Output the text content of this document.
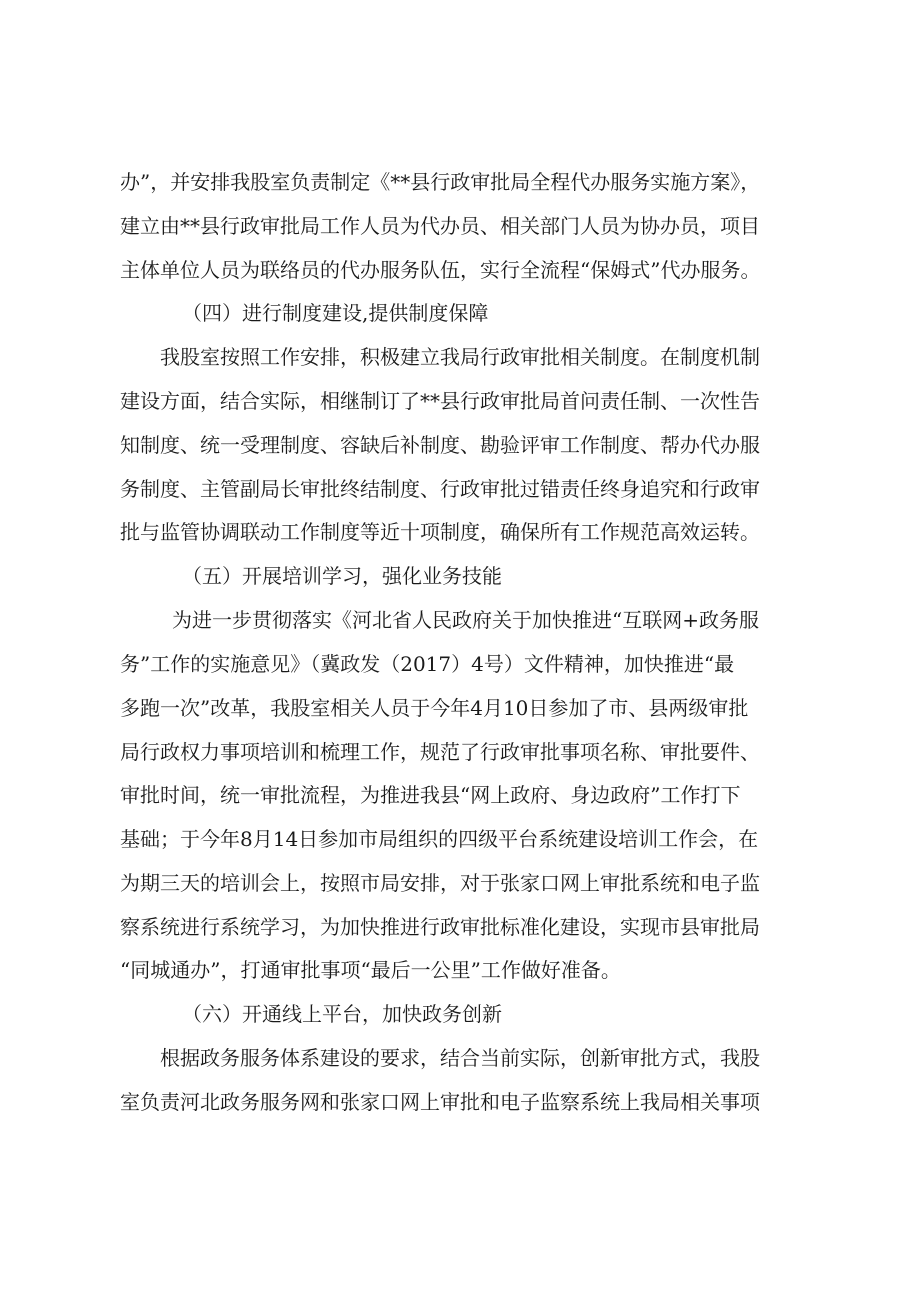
办”，并安排我股室负责制定《**县行政审批局全程代办服务实施方案》，
建立由**县行政审批局工作人员为代办员、相关部门人员为协办员，项目
主体单位人员为联络员的代办服务队伍，实行全流程“保姆式”代办服务。
（四）进行制度建设,提供制度保障
我股室按照工作安排，积极建立我局行政审批相关制度。在制度机制
建设方面，结合实际，相继制订了**县行政审批局首问责任制、一次性告
知制度、统一受理制度、容缺后补制度、勘验评审工作制度、帮办代办服
务制度、主管副局长审批终结制度、行政审批过错责任终身追究和行政审
批与监管协调联动工作制度等近十项制度，确保所有工作规范高效运转。
（五）开展培训学习，强化业务技能
为进一步贯彻落实《河北省人民政府关于加快推进“互联网+政务服
务”工作的实施意见》（冀政发（2017）4号）文件精神，加快推进“最
多跑一次”改革，我股室相关人员于今年4月10日参加了市、县两级审批
局行政权力事项培训和梳理工作，规范了行政审批事项名称、审批要件、
审批时间，统一审批流程，为推进我县“网上政府、身边政府”工作打下
基础；于今年8月14日参加市局组织的四级平台系统建设培训工作会，在
为期三天的培训会上，按照市局安排，对于张家口网上审批系统和电子监
察系统进行系统学习，为加快推进行政审批标准化建设，实现市县审批局
“同城通办”，打通审批事项“最后一公里”工作做好准备。
（六）开通线上平台，加快政务创新
根据政务服务体系建设的要求，结合当前实际，创新审批方式，我股
室负责河北政务服务网和张家口网上审批和电子监察系统上我局相关事项
